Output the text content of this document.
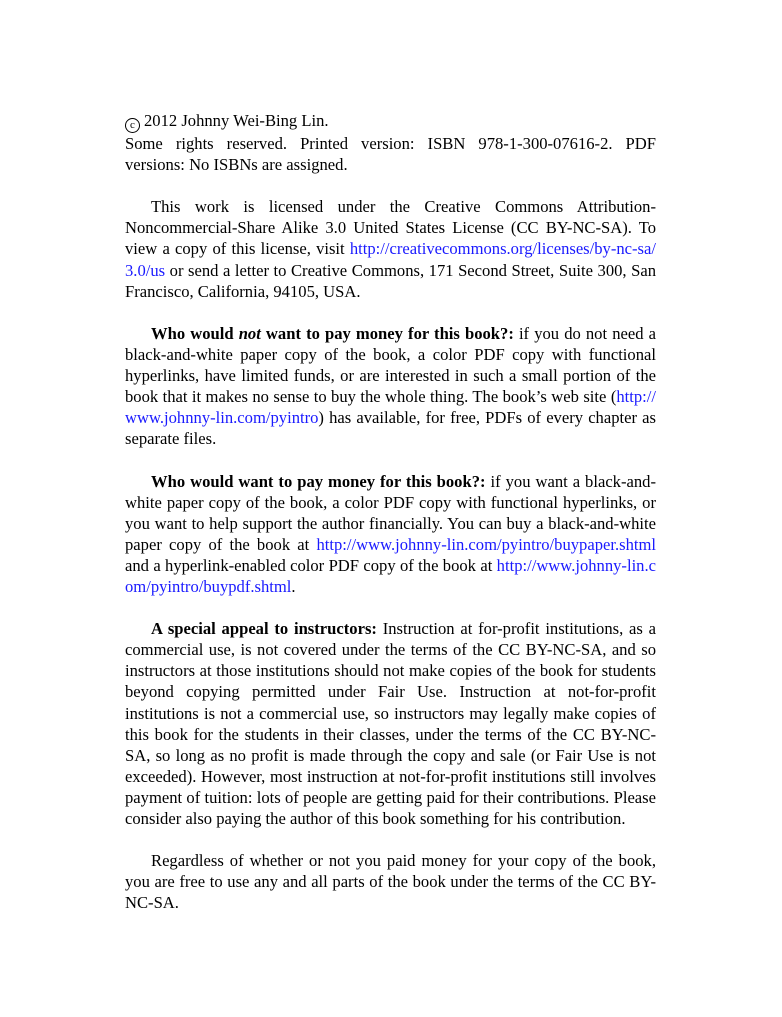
c 2012 Johnny Wei-Bing Lin.
Some rights reserved. Printed version: ISBN 978-1-300-07616-2. PDF versions: No ISBNs are assigned.

This work is licensed under the Creative Commons Attribution-Noncommercial-Share Alike 3.0 United States License (CC BY-NC-SA). To view a copy of this license, visit http://creativecommons.org/licenses/by-nc-sa/3.0/us or send a letter to Creative Commons, 171 Second Street, Suite 300, San Francisco, California, 94105, USA.

Who would not want to pay money for this book?: if you do not need a black-and-white paper copy of the book, a color PDF copy with functional hyperlinks, have limited funds, or are interested in such a small portion of the book that it makes no sense to buy the whole thing. The book’s web site (http://www.johnny-lin.com/pyintro) has available, for free, PDFs of every chapter as separate files.

Who would want to pay money for this book?: if you want a black-and-white paper copy of the book, a color PDF copy with functional hyperlinks, or you want to help support the author financially. You can buy a black-and-white paper copy of the book at http://www.johnny-lin.com/pyintro/buypaper.shtml and a hyperlink-enabled color PDF copy of the book at http://www.johnny-lin.com/pyintro/buypdf.shtml.

A special appeal to instructors: Instruction at for-profit institutions, as a commercial use, is not covered under the terms of the CC BY-NC-SA, and so instructors at those institutions should not make copies of the book for students beyond copying permitted under Fair Use. Instruction at not-for-profit institutions is not a commercial use, so instructors may legally make copies of this book for the students in their classes, under the terms of the CC BY-NC-SA, so long as no profit is made through the copy and sale (or Fair Use is not exceeded). However, most instruction at not-for-profit institutions still involves payment of tuition: lots of people are getting paid for their contributions. Please consider also paying the author of this book something for his contribution.

Regardless of whether or not you paid money for your copy of the book, you are free to use any and all parts of the book under the terms of the CC BY-NC-SA.
